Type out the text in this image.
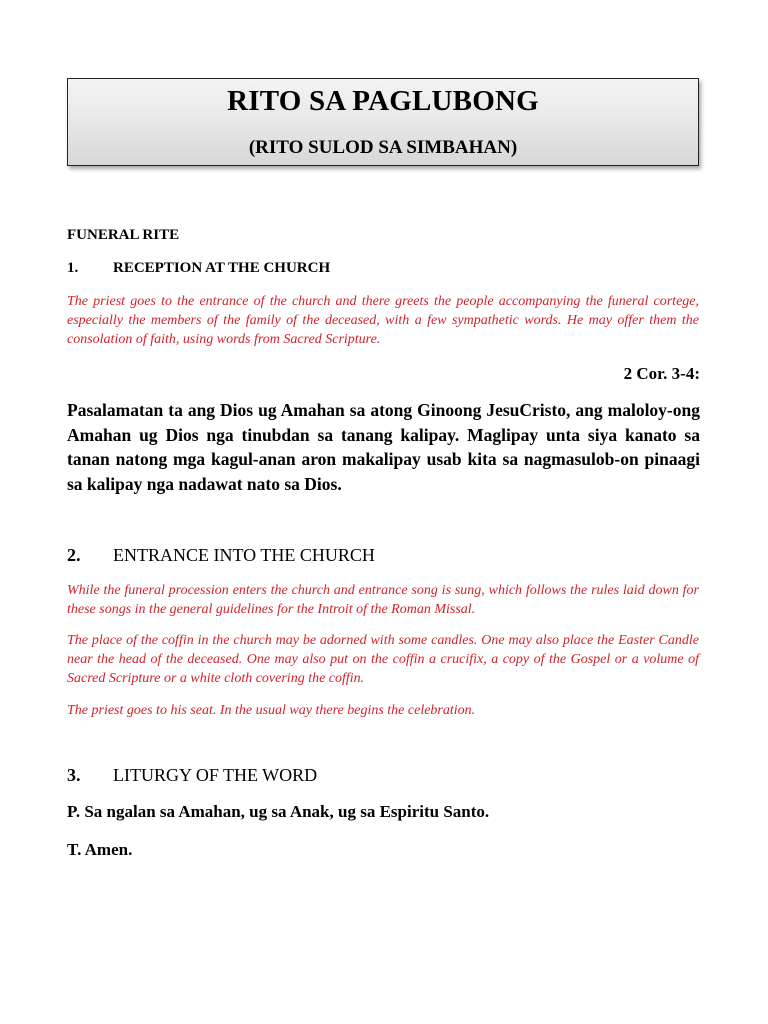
RITO SA PAGLUBONG
(RITO SULOD SA SIMBAHAN)
FUNERAL RITE
1. RECEPTION AT THE CHURCH
The priest goes to the entrance of the church and there greets the people accompanying the funeral cortege, especially the members of the family of the deceased, with a few sympathetic words. He may offer them the consolation of faith, using words from Sacred Scripture.
2 Cor. 3-4:
Pasalamatan ta ang Dios ug Amahan sa atong Ginoong JesuCristo, ang maloloy-ong Amahan ug Dios nga tinubdan sa tanang kalipay. Maglipay unta siya kanato sa tanan natong mga kagul-anan aron makalipay usab kita sa nagmasulob-on pinaagi sa kalipay nga nadawat nato sa Dios.
2. ENTRANCE INTO THE CHURCH
While the funeral procession enters the church and entrance song is sung, which follows the rules laid down for these songs in the general guidelines for the Introit of the Roman Missal.
The place of the coffin in the church may be adorned with some candles. One may also place the Easter Candle near the head of the deceased. One may also put on the coffin a crucifix, a copy of the Gospel or a volume of Sacred Scripture or a white cloth covering the coffin.
The priest goes to his seat. In the usual way there begins the celebration.
3. LITURGY OF THE WORD
P. Sa ngalan sa Amahan, ug sa Anak, ug sa Espiritu Santo.
T. Amen.
